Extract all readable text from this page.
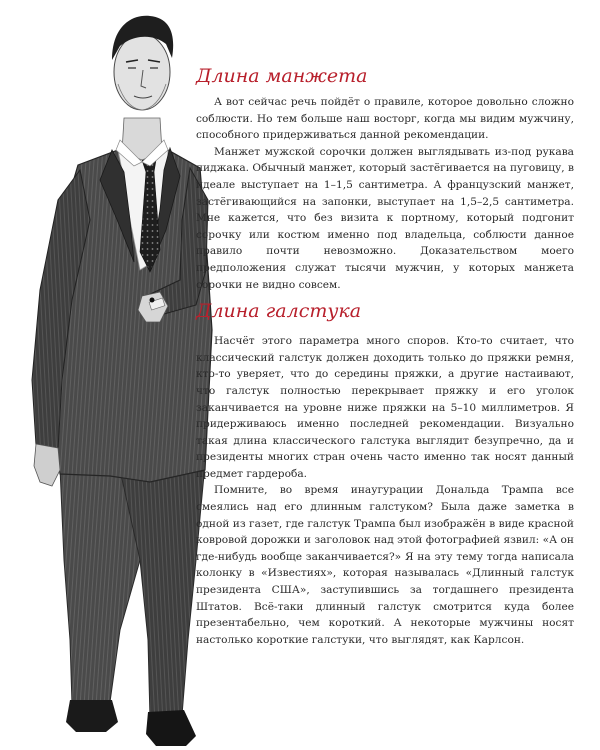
Длина манжета

А вот сейчас речь пойдёт о правиле, которое довольно сложно соблюсти. Но тем больше наш восторг, когда мы видим мужчину, способного придерживаться данной рекомендации.

Манжет мужской сорочки должен выглядывать из-под рукава пиджака. Обычный манжет, который застёгивается на пуговицу, в идеале выступает на 1–1,5 сантиметра. А французский манжет, застёгивающийся на запонки, выступает на 1,5–2,5 сантиметра. Мне кажется, что без визита к портному, который подгонит сорочку или костюм именно под владельца, соблюсти данное правило почти невозможно. Доказательством моего предположения служат тысячи мужчин, у которых манжета сорочки не видно совсем.

Длина галстука

Насчёт этого параметра много споров. Кто-то считает, что классический галстук должен доходить только до пряжки ремня, кто-то уверяет, что до середины пряжки, а другие настаивают, что галстук полностью перекрывает пряжку и его уголок заканчивается на уровне ниже пряжки на 5–10 миллиметров. Я придерживаюсь именно последней рекомендации. Визуально такая длина классического галстука выглядит безупречно, да и президенты многих стран очень часто именно так носят данный предмет гардероба.

Помните, во время инаугурации Дональда Трампа все смеялись над его длинным галстуком? Была даже заметка в одной из газет, где галстук Трампа был изображён в виде красной ковровой дорожки и заголовок над этой фотографией язвил: «А он где-нибудь вообще заканчивается?» Я на эту тему тогда написала колонку в «Известиях», которая называлась «Длинный галстук президента США», заступившись за тогдашнего президента Штатов. Всё-таки длинный галстук смотрится куда более презентабельно, чем короткий. А некоторые мужчины носят настолько короткие галстуки, что выглядят, как Карлсон.
